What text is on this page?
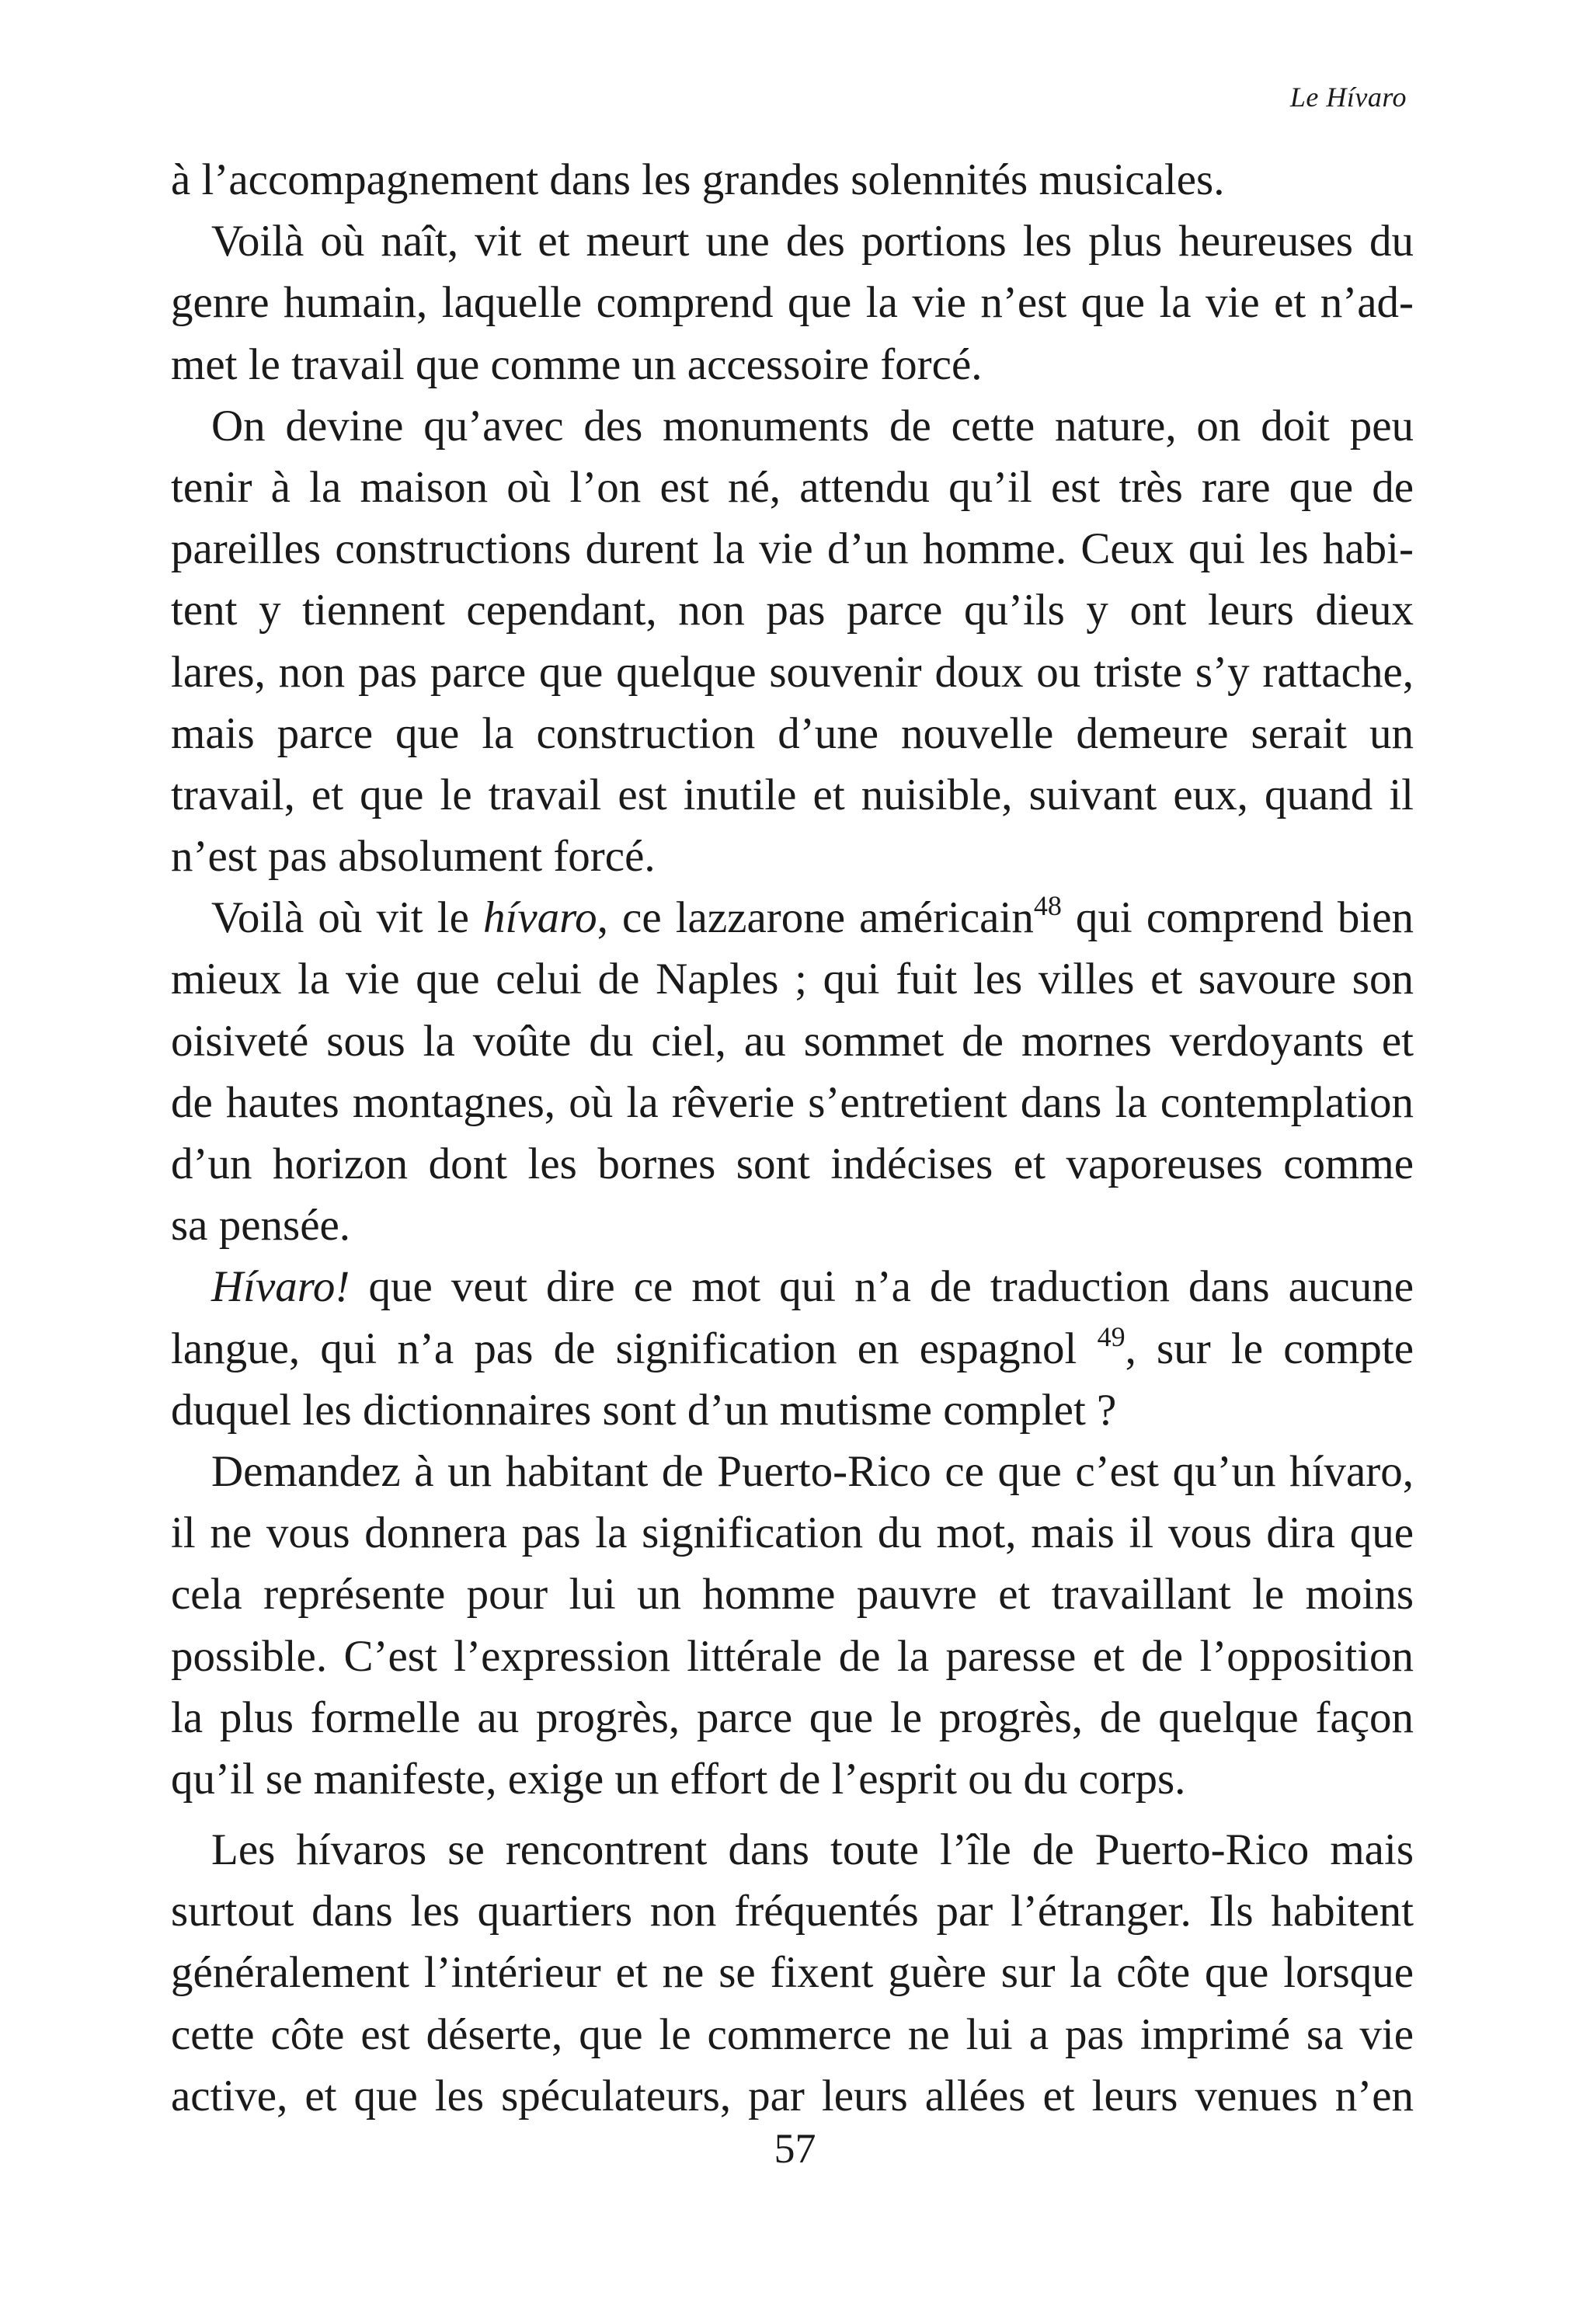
Le Hívaro
à l’accompagnement dans les grandes solennités musicales.
Voilà où naît, vit et meurt une des portions les plus heureuses du
genre humain, laquelle comprend que la vie n’est que la vie et n’ad-
met le travail que comme un accessoire forcé.
On devine qu’avec des monuments de cette nature, on doit peu
tenir à la maison où l’on est né, attendu qu’il est très rare que de
pareilles constructions durent la vie d’un homme. Ceux qui les habi-
tent y tiennent cependant, non pas parce qu’ils y ont leurs dieux
lares, non pas parce que quelque souvenir doux ou triste s’y rattache,
mais parce que la construction d’une nouvelle demeure serait un
travail, et que le travail est inutile et nuisible, suivant eux, quand il
n’est pas absolument forcé.
Voilà où vit le hívaro, ce lazzarone américain$^{48}$ qui comprend bien
mieux la vie que celui de Naples ; qui fuit les villes et savoure son
oisiveté sous la voûte du ciel, au sommet de mornes verdoyants et
de hautes montagnes, où la rêverie s’entretient dans la contemplation
d’un horizon dont les bornes sont indécises et vaporeuses comme
sa pensée.
Hívaro! que veut dire ce mot qui n’a de traduction dans aucune
langue, qui n’a pas de signification en espagnol $^{49}$, sur le compte
duquel les dictionnaires sont d’un mutisme complet ?
Demandez à un habitant de Puerto-Rico ce que c’est qu’un hívaro,
il ne vous donnera pas la signification du mot, mais il vous dira que
cela représente pour lui un homme pauvre et travaillant le moins
possible. C’est l’expression littérale de la paresse et de l’opposition
la plus formelle au progrès, parce que le progrès, de quelque façon
qu’il se manifeste, exige un effort de l’esprit ou du corps.
Les hívaros se rencontrent dans toute l’île de Puerto-Rico mais
surtout dans les quartiers non fréquentés par l’étranger. Ils habitent
généralement l’intérieur et ne se fixent guère sur la côte que lorsque
cette côte est déserte, que le commerce ne lui a pas imprimé sa vie
active, et que les spéculateurs, par leurs allées et leurs venues n’en
57
